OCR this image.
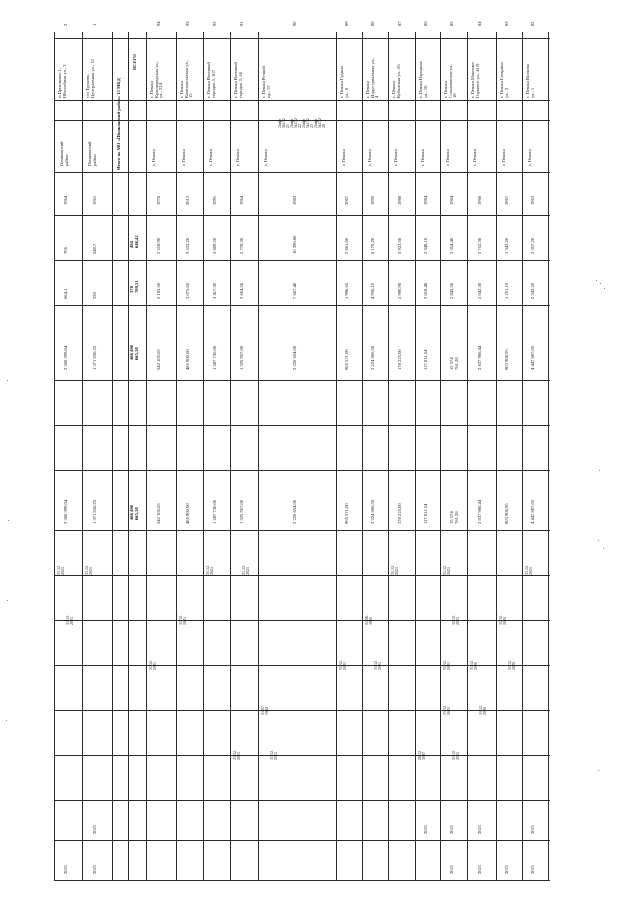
82
г. Пешка Волкова
ул., 1
г. Пешка
1963
3 357,20
2 543,20
4 447 887,05
4 447 887,05
31.12.
2021
2021
2021
83
г. Пешка Гагарина
ул., 3
г. Пешка
1961
1 342,20
1 251,10
903 908,95
903 908,95
31.12.
2020
31.12.
2020
2021
84
г. Пешка Максима
Горького ул., 41/9
г. Пешка
1960
2 752,30
2 042,30
2 837 986,44
2 837 986,44
31.12.
2020
31.12.
2020
2021
2021
85
г. Пешка
Стахановская ул.,
18
г. Пешка
1964
3 354,40
2 843,50
15 574
761,28
15 574
761,28
31.12.
2021
31.12.
2021
31.12.
2021
31.12.
2021
31.12.
2021
2021
2021
86
г. Пешка Народная
ул., 10
г. Пешка
1984
2 348,10
2 018,48
117 811,54
117 811,54
26.12.
1997
2021
87
г. Пешка
Кубанская ул., 65
г. Пешка
1980
3 922,50
2 990,90
178 225,00
178 225,00
31.12.
2021
88
г. Пешка
Индустриальная ул.,
4
г. Пешка
1995
6 170,20
4 936,16
2 224 606,50
2 224 606,50
01.06.
1995
31.12.
2021
89
г. Пешка Гудина
ул., 6
г. Пешка
2007
2 661,60
1 996,65
965 571,00
965 571,00
31.12.
2021
90
г. Пешка Речной
пр., 57
Лифт
№132
21
Лифт
№132
22
Лифт
№132
23
Лифт
№132
29
г. Пешка
1983
10 396,00
7 667,40
2 226 654,00
2 226 654,00
21.07.
1992
31.12.
2021
91
г. Пешка Военный
городок 3, 14
г. Пешка
1964
2 778,30
2 604,50
1 325 957,00
1 325 957,00
31.12.
2021
31.12.
2021
92
г. Пешка Военный
городок 3, 107
г. Пешка
1991
3 609,20
3 417,30
1 287 730,00
1 287 730,00
31.12.
2021
93
г. Пешка
Комсомольская ул.,
15
г. Пешка
2012
3 523,20
3 075,60
485 900,00
485 900,00
31.12.
2021
94
г. Пешка
Краснодарская ул.,
ул., 22А
г. Пешка
1976
2 518,90
2 105,50
542 105,65
542 105,65
31.12.
2021
1
с/п Труново,
Центральная ул., 12
Пешковский
район
1961
540,7
320
1 371 836,25
1 371 836,25
31.12.
2021
2021
2021
2
п.Пригамное 1,
Шоссейная ул., 3
Пешковский
район
1964
706
664,1
2 360 399,04
2 360 399,04
31.12.
2021
31.12.
2021
2021
ВСЕГО
494
646,42
378
709,51
466 496
665,18
466 496
665,18
Итого по МО «Шпаковский район» 15 МКД
